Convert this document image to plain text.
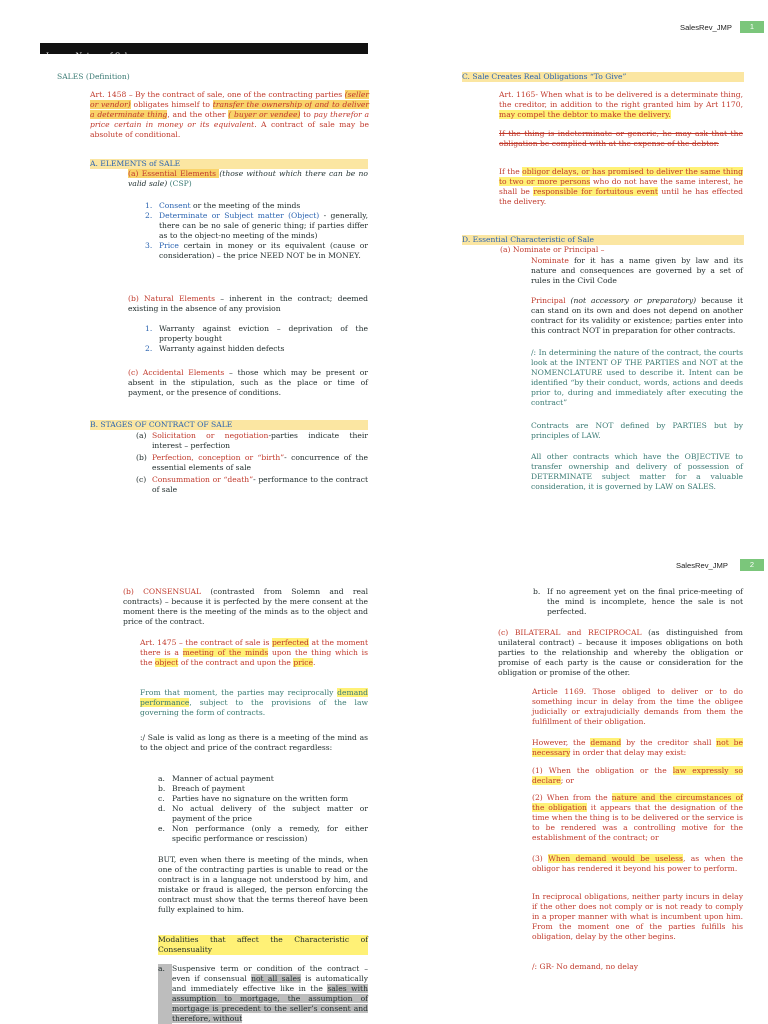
SalesRev_JMP	1
I.          Nature of Sales
SALES (Definition)
Art. 1458 – By the contract of sale, one of the contracting parties (seller or vendor) obligates himself to transfer the ownership of and to deliver a determinate thing, and the other ( buyer or vendee) to pay therefor a price certain in money or its equivalent. A contract of sale may be absolute of conditional.
A. ELEMENTS of SALE
(a) Essential Elements (those without which there can be no valid sale) (CSP)
1. Consent or the meeting of the minds
2. Determinate or Subject matter (Object) - generally, there can be no sale of generic thing; if parties differ as to the object-no meeting of the minds)
3. Price certain in money or its equivalent (cause or consideration) – the price NEED NOT be in MONEY.
(b) Natural Elements – inherent in the contract; deemed existing in the absence of any provision
1. Warranty against eviction – deprivation of the property bought
2. Warranty against hidden defects
(c) Accidental Elements – those which may be present or absent in the stipulation, such as the place or time of payment, or the presence of conditions.
B. STAGES OF CONTRACT OF SALE
(a) Solicitation or negotiation-parties indicate their interest – perfection
(b) Perfection, conception or “birth”- concurrence of the essential elements of sale
(c) Consummation or “death”- performance to the contract of sale
C. Sale Creates Real Obligations “To Give”
Art. 1165- When what is to be delivered is a determinate thing, the creditor, in addition to the right granted him by Art 1170, may compel the debtor to make the delivery.
If the thing is indeterminate or generic, he may ask that the obligation be complied with at the expense of the debtor.
If the obligor delays, or has promised to deliver the same thing to two or more persons who do not have the same interest, he shall be responsible for fortuitous event until he has effected the delivery.
D. Essential Characteristic of Sale
(a) Nominate or Principal –
Nominate for it has a name given by law and its nature and consequences are governed by a set of rules in the Civil Code
Principal (not accessory or preparatory) because it can stand on its own and does not depend on another contract for its validity or existence; parties enter into this contract NOT in preparation for other contracts.
/: In determining the nature of the contract, the courts look at the INTENT OF THE PARTIES and NOT at the NOMENCLATURE used to describe it. Intent can be identified “by their conduct, words, actions and deeds prior to, during and immediately after executing the contract”
Contracts are NOT defined by PARTIES but by principles of LAW.
All other contracts which have the OBJECTIVE to transfer ownership and delivery of possession of DETERMINATE subject matter for a valuable consideration, it is governed by LAW on SALES.
SalesRev_JMP	2
(b) CONSENSUAL (contrasted from Solemn and real contracts) – because it is perfected by the mere consent at the moment there is the meeting of the minds as to the object and price of the contract.
Art. 1475 – the contract of sale is perfected at the moment there is a meeting of the minds upon the thing which is the object of the contract and upon the price.
From that moment, the parties may reciprocally demand performance, subject to the provisions of the law governing the form of contracts.
:/ Sale is valid as long as there is a meeting of the mind as to the object and price of the contract regardless:
a. Manner of actual payment
b. Breach of payment
c. Parties have no signature on the written form
d. No actual delivery of the subject matter or payment of the price
e. Non performance (only a remedy, for either specific performance or rescission)
BUT, even when there is meeting of the minds, when one of the contracting parties is unable to read or the contract is in a language not understood by him, and mistake or fraud is alleged, the person enforcing the contract must show that the terms thereof have been fully explained to him.
Modalities that affect the Characteristic of Consensuality
a. Suspensive term or condition of the contract – even if consensual not all sales is automatically and immediately effective like in the sales with assumption to mortgage, the assumption of mortgage is precedent to the seller’s consent and therefore, without
b. If no agreement yet on the final price-meeting of the mind is incomplete, hence the sale is not perfected.
(c) BILATERAL and RECIPROCAL (as distinguished from unilateral contract) – because it imposes obligations on both parties to the relationship and whereby the obligation or promise of each party is the cause or consideration for the obligation or promise of the other.
Article 1169. Those obliged to deliver or to do something incur in delay from the time the obligee judicially or extrajudicially demands from them the fulfillment of their obligation.
However, the demand by the creditor shall not be necessary in order that delay may exist:
(1) When the obligation or the law expressly so declare; or
(2) When from the nature and the circumstances of the obligation it appears that the designation of the time when the thing is to be delivered or the service is to be rendered was a controlling motive for the establishment of the contract; or
(3) When demand would be useless, as when the obligor has rendered it beyond his power to perform.
In reciprocal obligations, neither party incurs in delay if the other does not comply or is not ready to comply in a proper manner with what is incumbent upon him. From the moment one of the parties fulfills his obligation, delay by the other begins.
/: GR- No demand, no delay
